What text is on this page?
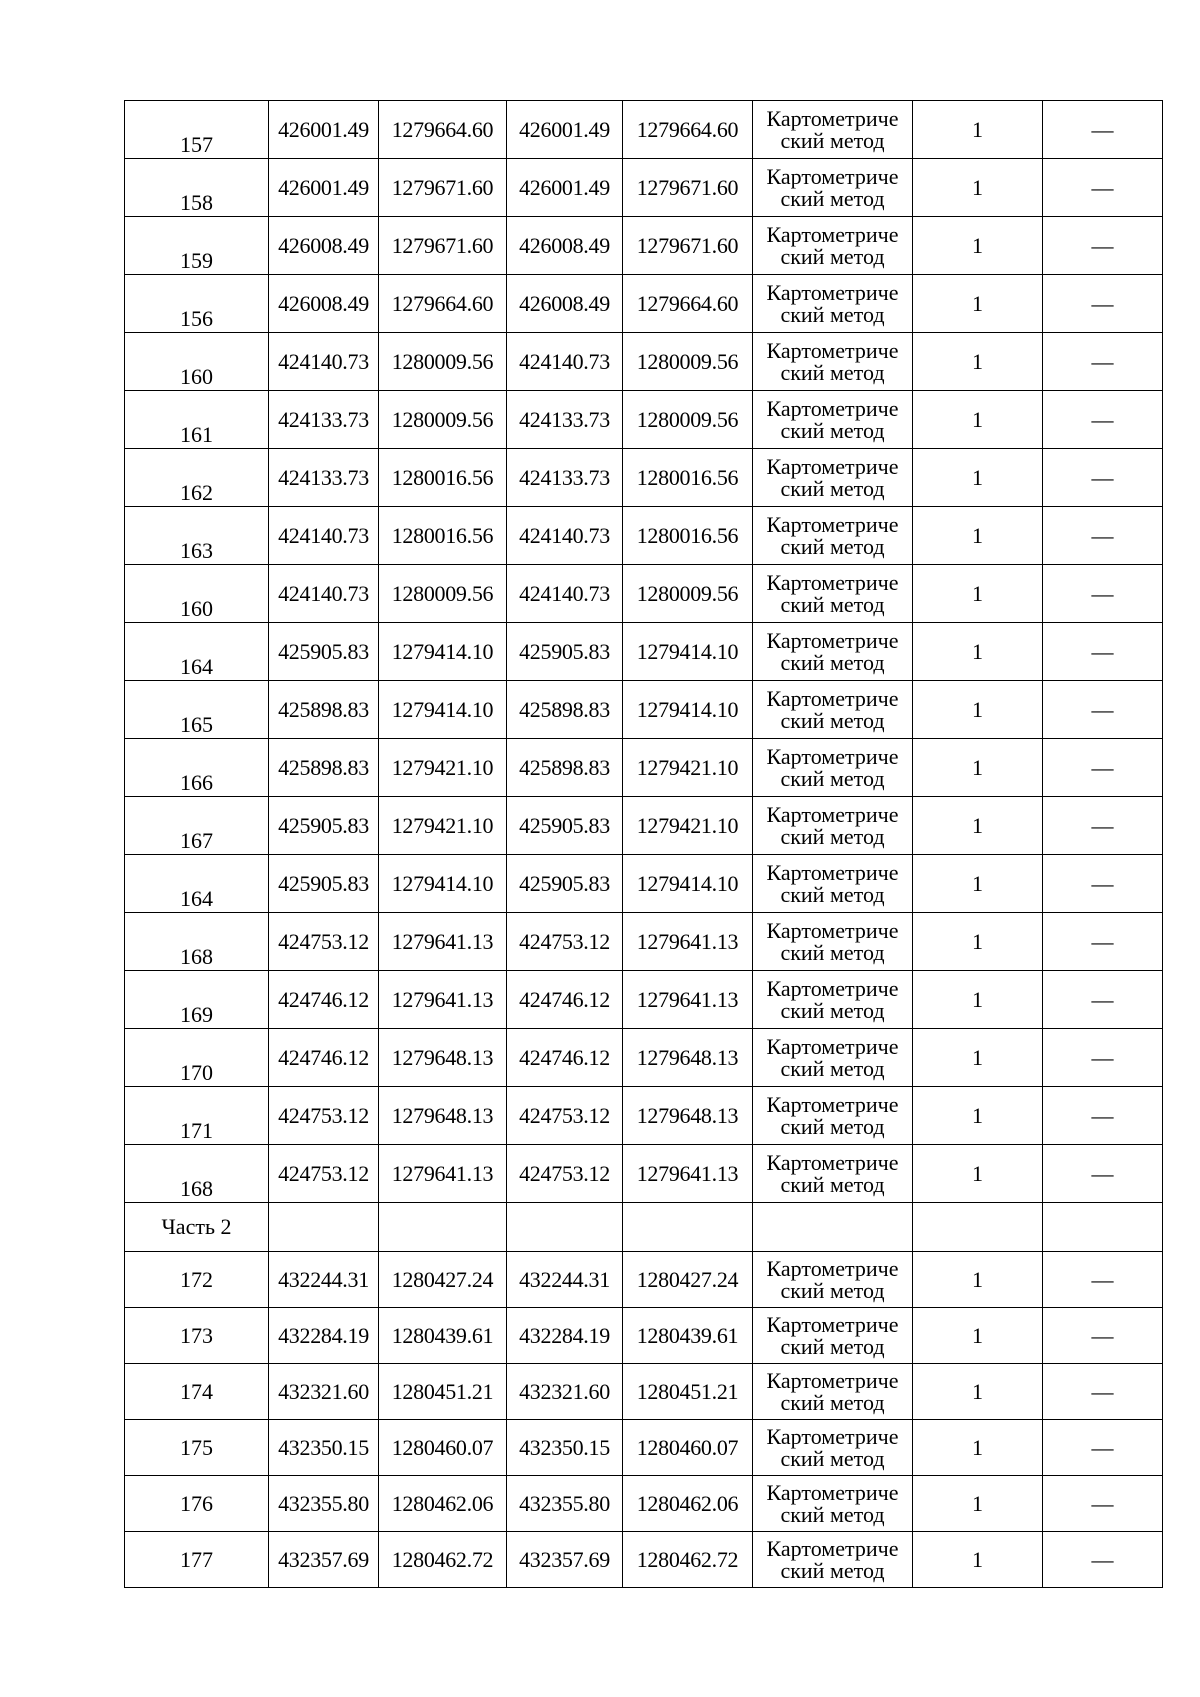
157	426001.49	1279664.60	426001.49	1279664.60	Картометриче
ский метод	1	—
158	426001.49	1279671.60	426001.49	1279671.60	Картометриче
ский метод	1	—
159	426008.49	1279671.60	426008.49	1279671.60	Картометриче
ский метод	1	—
156	426008.49	1279664.60	426008.49	1279664.60	Картометриче
ский метод	1	—
160	424140.73	1280009.56	424140.73	1280009.56	Картометриче
ский метод	1	—
161	424133.73	1280009.56	424133.73	1280009.56	Картометриче
ский метод	1	—
162	424133.73	1280016.56	424133.73	1280016.56	Картометриче
ский метод	1	—
163	424140.73	1280016.56	424140.73	1280016.56	Картометриче
ский метод	1	—
160	424140.73	1280009.56	424140.73	1280009.56	Картометриче
ский метод	1	—
164	425905.83	1279414.10	425905.83	1279414.10	Картометриче
ский метод	1	—
165	425898.83	1279414.10	425898.83	1279414.10	Картометриче
ский метод	1	—
166	425898.83	1279421.10	425898.83	1279421.10	Картометриче
ский метод	1	—
167	425905.83	1279421.10	425905.83	1279421.10	Картометриче
ский метод	1	—
164	425905.83	1279414.10	425905.83	1279414.10	Картометриче
ский метод	1	—
168	424753.12	1279641.13	424753.12	1279641.13	Картометриче
ский метод	1	—
169	424746.12	1279641.13	424746.12	1279641.13	Картометриче
ский метод	1	—
170	424746.12	1279648.13	424746.12	1279648.13	Картометриче
ский метод	1	—
171	424753.12	1279648.13	424753.12	1279648.13	Картометриче
ский метод	1	—
168	424753.12	1279641.13	424753.12	1279641.13	Картометриче
ский метод	1	—
Часть 2							
172	432244.31	1280427.24	432244.31	1280427.24	Картометриче
ский метод	1	—
173	432284.19	1280439.61	432284.19	1280439.61	Картометриче
ский метод	1	—
174	432321.60	1280451.21	432321.60	1280451.21	Картометриче
ский метод	1	—
175	432350.15	1280460.07	432350.15	1280460.07	Картометриче
ский метод	1	—
176	432355.80	1280462.06	432355.80	1280462.06	Картометриче
ский метод	1	—
177	432357.69	1280462.72	432357.69	1280462.72	Картометриче
ский метод	1	—
